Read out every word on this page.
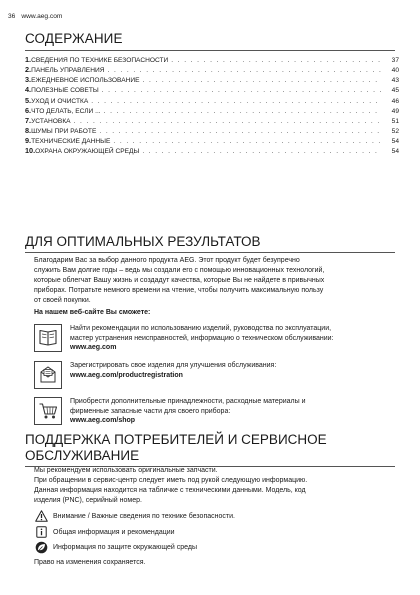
36 www.aeg.com
СОДЕРЖАНИЕ
1. СВЕДЕНИЯ ПО ТЕХНИКЕ БЕЗОПАСНОСТИ . . .	37
2. ПАНЕЛЬ УПРАВЛЕНИЯ . . .	40
3. ЕЖЕДНЕВНОЕ ИСПОЛЬЗОВАНИЕ . . .	43
4. ПОЛЕЗНЫЕ СОВЕТЫ . . .	45
5. УХОД И ОЧИСТКА . . .	46
6. ЧТО ДЕЛАТЬ, ЕСЛИ ... . . .	49
7. УСТАНОВКА . . .	51
8. ШУМЫ ПРИ РАБОТЕ . . .	52
9. ТЕХНИЧЕСКИЕ ДАННЫЕ . . .	54
10. ОХРАНА ОКРУЖАЮЩЕЙ СРЕДЫ . . .	54
ДЛЯ ОПТИМАЛЬНЫХ РЕЗУЛЬТАТОВ
Благодарим Вас за выбор данного продукта AEG. Этот продукт будет безупречно
служить Вам долгие годы – ведь мы создали его с помощью инновационных технологий,
которые облегчат Вашу жизнь и создадут качества, которые Вы не найдете в привычных
приборах. Потратьте немного времени на чтение, чтобы получить максимальную пользу
от своей покупки.
На нашем веб-сайте Вы сможете:
Найти рекомендации по использованию изделий, руководства по эксплуатации,
мастер устранения неисправностей, информацию о техническом обслуживании:
www.aeg.com
Зарегистрировать свое изделия для улучшения обслуживания:
www.aeg.com/productregistration
Приобрести дополнительные принадлежности, расходные материалы и
фирменные запасные части для своего прибора:
www.aeg.com/shop
ПОДДЕРЖКА ПОТРЕБИТЕЛЕЙ И СЕРВИСНОЕ
ОБСЛУЖИВАНИЕ
Мы рекомендуем использовать оригинальные запчасти.
При обращении в сервис-центр следует иметь под рукой следующую информацию.
Данная информация находится на табличке с техническими данными. Модель, код
изделия (PNC), серийный номер.
Внимание / Важные сведения по технике безопасности.
Общая информация и рекомендации
Информация по защите окружающей среды
Право на изменения сохраняется.
